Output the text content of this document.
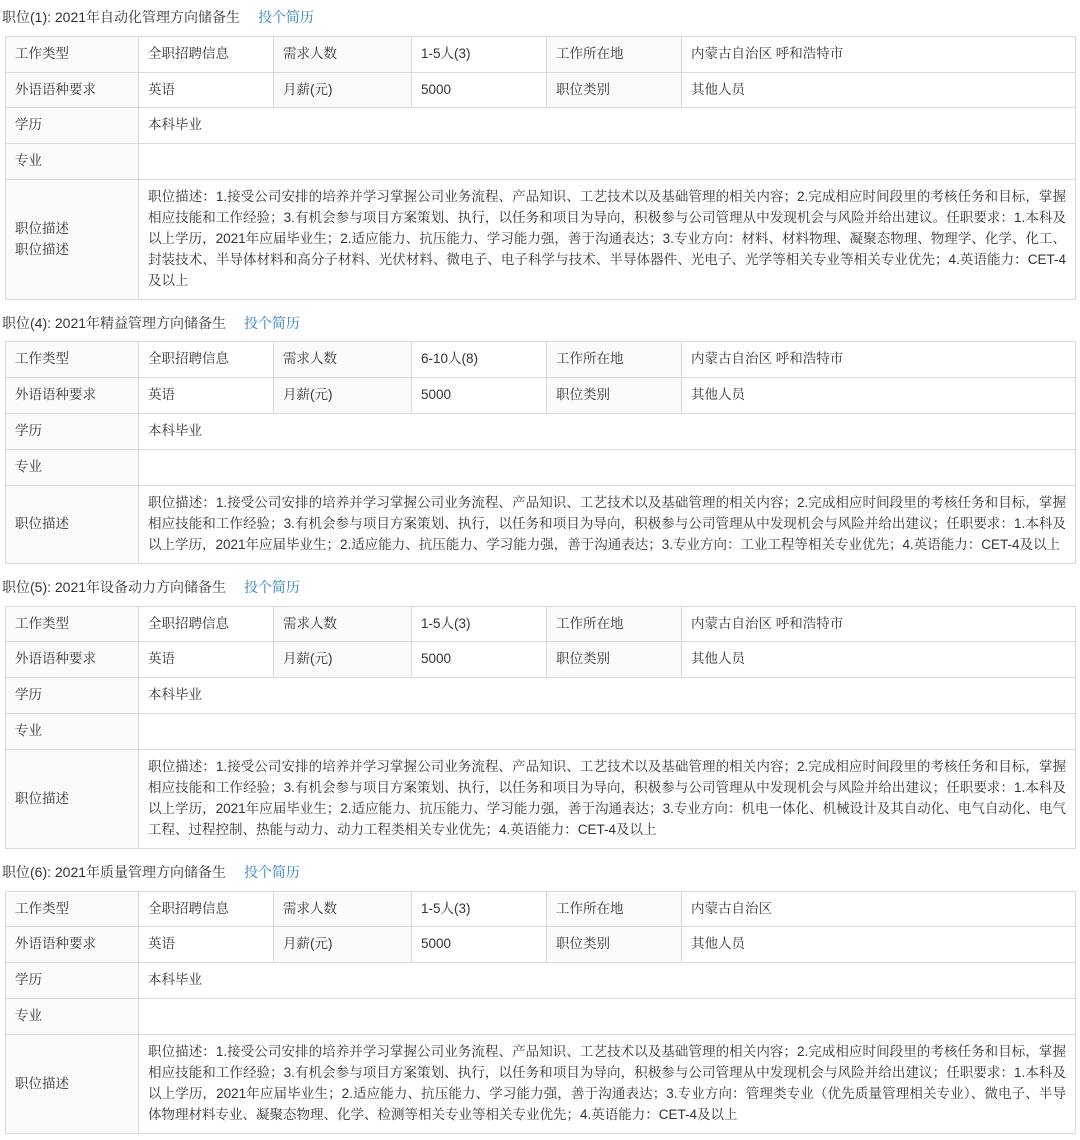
职位(1): 2021年自动化管理方向储备生 投个简历
工作类型	全职招聘信息	需求人数	1-5人(3)	工作所在地	内蒙古自治区 呼和浩特市
外语语种要求	英语	月薪(元)	5000	职位类别	其他人员
学历	本科毕业				
专业					

职位描述
职位描述	职位描述：1.接受公司安排的培养并学习掌握公司业务流程、产品知识、工艺技术以及基础管理的相关内容；2.完成相应时间段里的考核任务和目标，掌握相应技能和工作经验；3.有机会参与项目方案策划、执行，以任务和项目为导向，积极参与公司管理从中发现机会与风险并给出建议。任职要求：1.本科及以上学历，2021年应届毕业生；2.适应能力、抗压能力、学习能力强，善于沟通表达；3.专业方向：材料、材料物理、凝聚态物理、物理学、化学、化工、封装技术、半导体材料和高分子材料、光伏材料、微电子、电子科学与技术、半导体器件、光电子、光学等相关专业等相关专业优先；4.英语能力：CET-4及以上				
职位(4): 2021年精益管理方向储备生 投个简历
工作类型	全职招聘信息	需求人数	6-10人(8)	工作所在地	内蒙古自治区 呼和浩特市
外语语种要求	英语	月薪(元)	5000	职位类别	其他人员
学历	本科毕业				
专业					
职位描述	职位描述：1.接受公司安排的培养并学习掌握公司业务流程、产品知识、工艺技术以及基础管理的相关内容；2.完成相应时间段里的考核任务和目标，掌握相应技能和工作经验；3.有机会参与项目方案策划、执行，以任务和项目为导向，积极参与公司管理从中发现机会与风险并给出建议；任职要求：1.本科及以上学历，2021年应届毕业生；2.适应能力、抗压能力、学习能力强，善于沟通表达；3.专业方向：工业工程等相关专业优先；4.英语能力：CET-4及以上				
职位(5): 2021年设备动力方向储备生 投个简历
工作类型	全职招聘信息	需求人数	1-5人(3)	工作所在地	内蒙古自治区 呼和浩特市
外语语种要求	英语	月薪(元)	5000	职位类别	其他人员
学历	本科毕业				
专业					
职位描述	职位描述：1.接受公司安排的培养并学习掌握公司业务流程、产品知识、工艺技术以及基础管理的相关内容；2.完成相应时间段里的考核任务和目标，掌握相应技能和工作经验；3.有机会参与项目方案策划、执行，以任务和项目为导向，积极参与公司管理从中发现机会与风险并给出建议；任职要求：1.本科及以上学历，2021年应届毕业生；2.适应能力、抗压能力、学习能力强，善于沟通表达；3.专业方向：机电一体化、机械设计及其自动化、电气自动化、电气工程、过程控制、热能与动力、动力工程类相关专业优先；4.英语能力：CET-4及以上				
职位(6): 2021年质量管理方向储备生 投个简历
工作类型	全职招聘信息	需求人数	1-5人(3)	工作所在地	内蒙古自治区
外语语种要求	英语	月薪(元)	5000	职位类别	其他人员
学历	本科毕业				
专业					
职位描述	职位描述：1.接受公司安排的培养并学习掌握公司业务流程、产品知识、工艺技术以及基础管理的相关内容；2.完成相应时间段里的考核任务和目标，掌握相应技能和工作经验；3.有机会参与项目方案策划、执行，以任务和项目为导向，积极参与公司管理从中发现机会与风险并给出建议；任职要求：1.本科及以上学历，2021年应届毕业生；2.适应能力、抗压能力、学习能力强，善于沟通表达；3.专业方向：管理类专业（优先质量管理相关专业）、微电子、半导体物理材料专业、凝聚态物理、化学、检测等相关专业等相关专业优先；4.英语能力：CET-4及以上				
